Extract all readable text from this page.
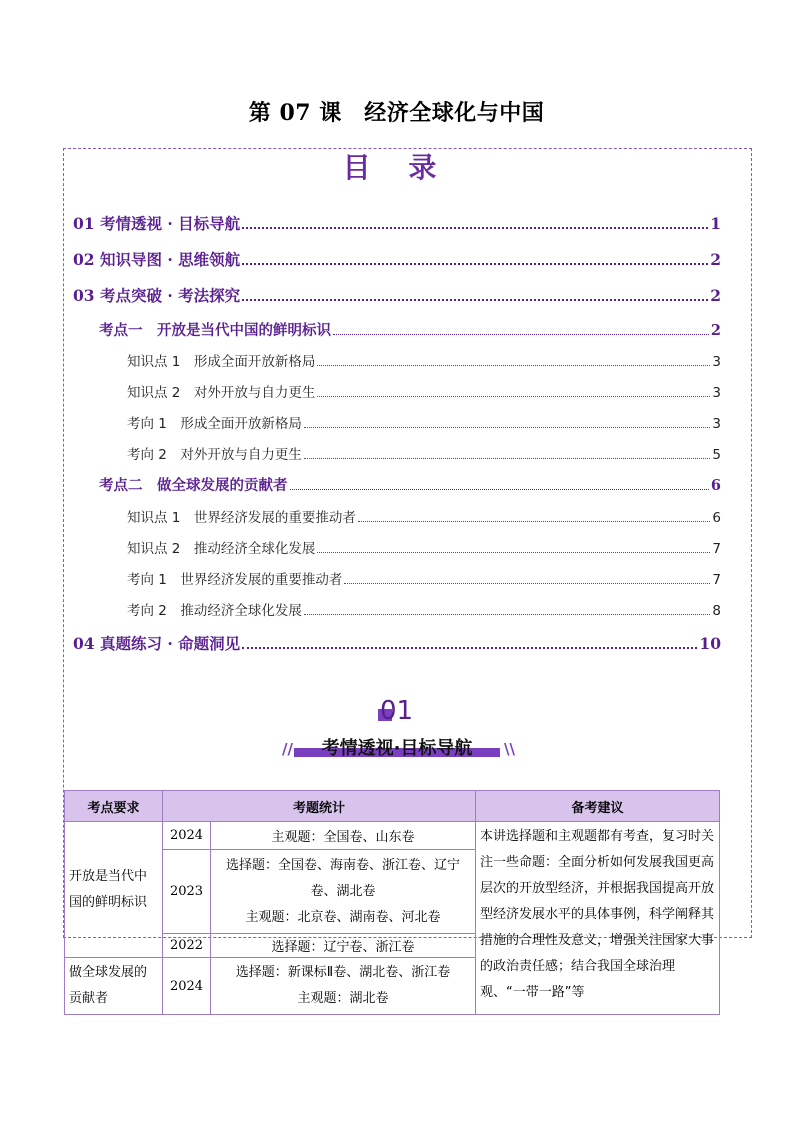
第 07 课　经济全球化与中国
目 录
01 考情透视 · 目标导航	1
02 知识导图 · 思维领航	2
03 考点突破 · 考法探究	2
考点一　开放是当代中国的鲜明标识	2
知识点 1　形成全面开放新格局	3
知识点 2　对外开放与自力更生	3
考向 1　形成全面开放新格局	3
考向 2　对外开放与自力更生	5
考点二　做全球发展的贡献者	6
知识点 1　世界经济发展的重要推动者	6
知识点 2　推动经济全球化发展	7
考向 1　世界经济发展的重要推动者	7
考向 2　推动经济全球化发展	8
04 真题练习 · 命题洞见	10
01
//	考情透视·目标导航	\\
考点要求	考题统计		备考建议
开放是当代中国的鲜明标识	2024	主观题：全国卷、山东卷	本讲选择题和主观题都有考查，复习时关注一些命题：全面分析如何发展我国更高层次的开放型经济，并根据我国提高开放型经济发展水平的具体事例，科学阐释其措施的合理性及意义，增强关注国家大事的政治责任感；结合我国全球治理观、“一带一路”等

	2023	选择题：全国卷、海南卷、浙江卷、辽宁卷、湖北卷
主观题：北京卷、湖南卷、河北卷	

	2022	选择题：辽宁卷、浙江卷	
做全球发展的贡献者	2024	选择题：新课标Ⅱ卷、湖北卷、浙江卷
主观题：湖北卷	
